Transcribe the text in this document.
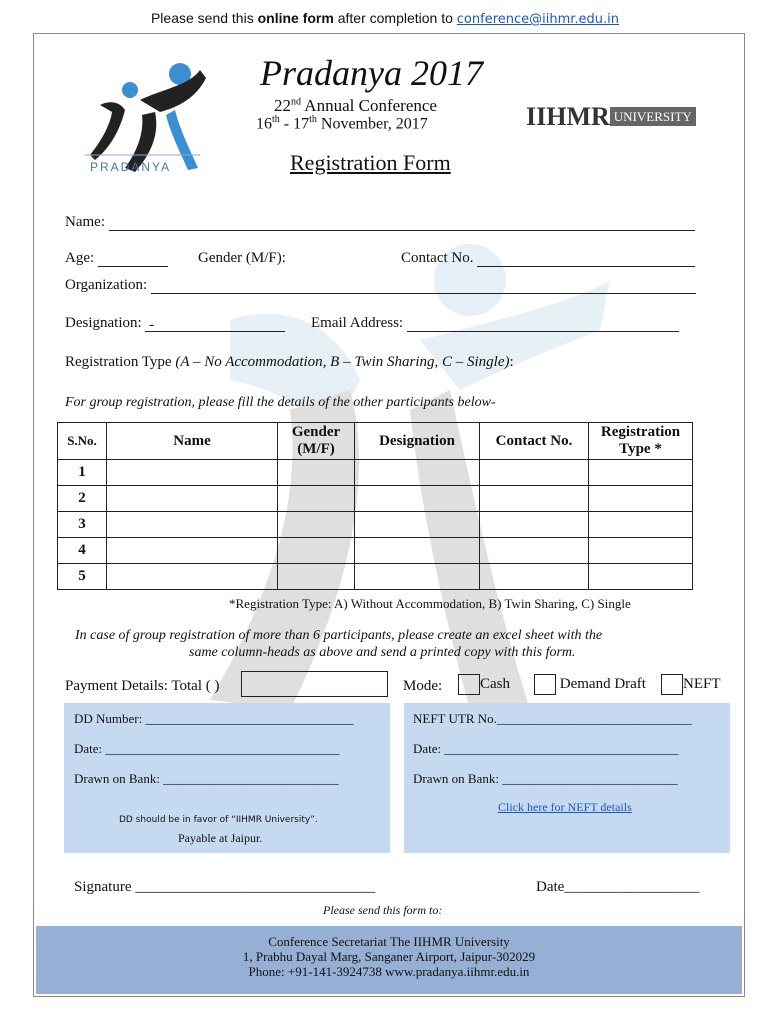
Please send this online form after completion to conference@iihmr.edu.in
PRADANYA
Pradanya 2017
22nd Annual Conference
16th - 17th November, 2017	IIHMR UNIVERSITY
Registration Form
Name:
Age:	Gender (M/F):	Contact No.
Organization:
Designation: -	Email Address:
Registration Type (A – No Accommodation, B – Twin Sharing, C – Single):
For group registration, please fill the details of the other participants below-
S.No.	Name	Gender (M/F)	Designation	Contact No.	Registration Type *
1					
2					
3					
4					
5					
*Registration Type: A) Without Accommodation, B) Twin Sharing, C) Single
In case of group registration of more than 6 participants, please create an excel sheet with the
same column-heads as above and send a printed copy with this form.
Payment Details: Total ( )	Mode:	Cash	Demand Draft	NEFT
DD Number: ________________________________
Date: ____________________________________
Drawn on Bank: ___________________________
DD should be in favor of “IIHMR University”.
Payable at Jaipur.
NEFT UTR No.______________________________
Date: ____________________________________
Drawn on Bank: ___________________________
Click here for NEFT details
Signature ________________________________	Date__________________
Please send this form to:
Conference Secretariat The IIHMR University
1, Prabhu Dayal Marg, Sanganer Airport, Jaipur-302029
Phone: +91-141-3924738 www.pradanya.iihmr.edu.in
